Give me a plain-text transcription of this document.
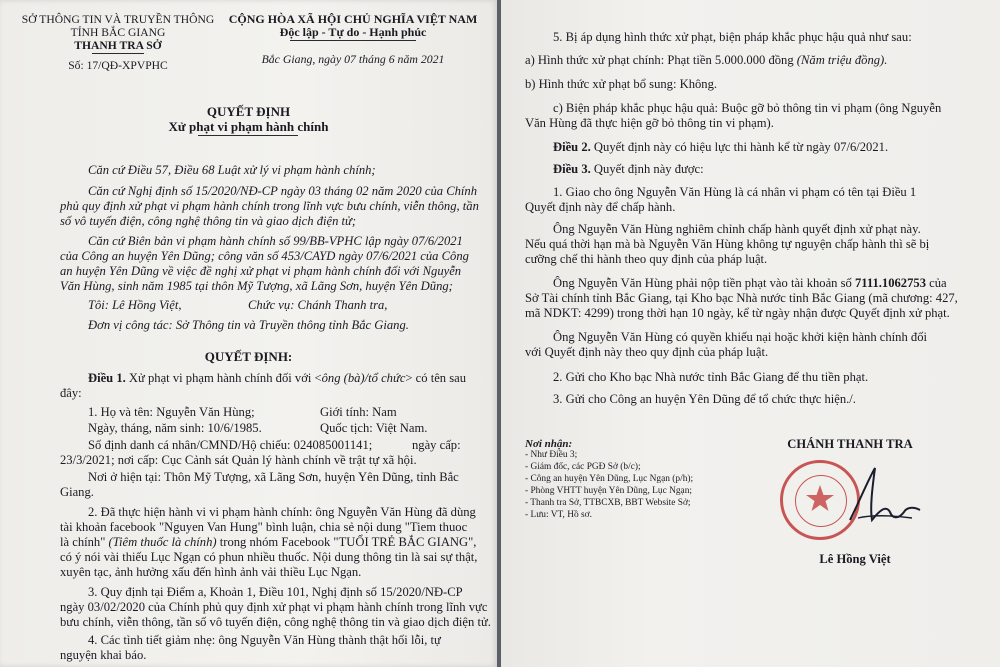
SỞ THÔNG TIN VÀ TRUYỀN THÔNG
TỈNH BẮC GIANG
THANH TRA SỞ
Số: 17/QĐ-XPVPHC
CỘNG HÒA XÃ HỘI CHỦ NGHĨA VIỆT NAM
Độc lập - Tự do - Hạnh phúc
Bắc Giang, ngày 07 tháng 6 năm 2021
QUYẾT ĐỊNH
Xử phạt vi phạm hành chính
Căn cứ Điều 57, Điều 68 Luật xử lý vi phạm hành chính;
Căn cứ Nghị định số 15/2020/NĐ-CP ngày 03 tháng 02 năm 2020 của Chính
phủ quy định xử phạt vi phạm hành chính trong lĩnh vực bưu chính, viễn thông, tần
số vô tuyến điện, công nghệ thông tin và giao dịch điện tử;
Căn cứ Biên bản vi phạm hành chính số 99/BB-VPHC lập ngày 07/6/2021
của Công an huyện Yên Dũng; công văn số 453/CAYD ngày 07/6/2021 của Công
an huyện Yên Dũng về việc đề nghị xử phạt vi phạm hành chính đối với Nguyễn
Văn Hùng, sinh năm 1985 tại thôn Mỹ Tượng, xã Lãng Sơn, huyện Yên Dũng;
Tôi: Lê Hồng Việt,	Chức vụ: Chánh Thanh tra,
Đơn vị công tác: Sở Thông tin và Truyền thông tỉnh Bắc Giang.
QUYẾT ĐỊNH:
Điều 1. Xử phạt vi phạm hành chính đối với <ông (bà)/tổ chức> có tên sau
đây:
1. Họ và tên: Nguyễn Văn Hùng;	Giới tính: Nam
Ngày, tháng, năm sinh: 10/6/1985.	Quốc tịch: Việt Nam.
Số định danh cá nhân/CMND/Hộ chiếu: 024085001141;	ngày cấp:
23/3/2021; nơi cấp: Cục Cảnh sát Quản lý hành chính về trật tự xã hội.
Nơi ở hiện tại: Thôn Mỹ Tượng, xã Lãng Sơn, huyện Yên Dũng, tỉnh Bắc
Giang.
2. Đã thực hiện hành vi vi phạm hành chính: ông Nguyễn Văn Hùng đã dùng
tài khoản facebook "Nguyen Van Hung" bình luận, chia sẻ nội dung "Tiem thuoc
là chính" (Tiêm thuốc là chính) trong nhóm Facebook "TUỔI TRẺ BẮC GIANG",
có ý nói vài thiếu Lục Ngạn có phun nhiều thuốc. Nội dung thông tin là sai sự thật,
xuyên tạc, ảnh hưởng xấu đến hình ảnh vải thiều Lục Ngạn.
3. Quy định tại Điểm a, Khoản 1, Điều 101, Nghị định số 15/2020/NĐ-CP
ngày 03/02/2020 của Chính phủ quy định xử phạt vi phạm hành chính trong lĩnh vực
bưu chính, viễn thông, tần số vô tuyến điện, công nghệ thông tin và giao dịch điện tử.
4. Các tình tiết giảm nhẹ: ông Nguyễn Văn Hùng thành thật hối lỗi, tự
nguyện khai báo.
5. Bị áp dụng hình thức xử phạt, biện pháp khắc phục hậu quả như sau:
a) Hình thức xử phạt chính: Phạt tiền 5.000.000 đồng (Năm triệu đồng).
b) Hình thức xử phạt bổ sung: Không.
c) Biện pháp khắc phục hậu quả: Buộc gỡ bỏ thông tin vi phạm (ông Nguyễn
Văn Hùng đã thực hiện gỡ bỏ thông tin vi phạm).
Điều 2. Quyết định này có hiệu lực thi hành kể từ ngày 07/6/2021.
Điều 3. Quyết định này được:
1. Giao cho ông Nguyễn Văn Hùng là cá nhân vi phạm có tên tại Điều 1
Quyết định này để chấp hành.
Ông Nguyễn Văn Hùng nghiêm chỉnh chấp hành quyết định xử phạt này.
Nếu quá thời hạn mà bà Nguyễn Văn Hùng không tự nguyện chấp hành thì sẽ bị
cưỡng chế thi hành theo quy định của pháp luật.
Ông Nguyễn Văn Hùng phải nộp tiền phạt vào tài khoản số 7111.1062753 của
Sở Tài chính tỉnh Bắc Giang, tại Kho bạc Nhà nước tỉnh Bắc Giang (mã chương: 427,
mã NDKT: 4299) trong thời hạn 10 ngày, kể từ ngày nhận được Quyết định xử phạt.
Ông Nguyễn Văn Hùng có quyền khiếu nại hoặc khởi kiện hành chính đối
với Quyết định này theo quy định của pháp luật.
2. Gửi cho Kho bạc Nhà nước tỉnh Bắc Giang để thu tiền phạt.
3. Gửi cho Công an huyện Yên Dũng để tổ chức thực hiện./.
Nơi nhận:
- Như Điều 3;
- Giám đốc, các PGĐ Sở (b/c);
- Công an huyện Yên Dũng, Lục Ngạn (p/h);
- Phòng VHTT huyện Yên Dũng, Lục Ngạn;
- Thanh tra Sở, TTBCXB, BBT Website Sở;
- Lưu: VT, Hồ sơ.
CHÁNH THANH TRA
Lê Hồng Việt
